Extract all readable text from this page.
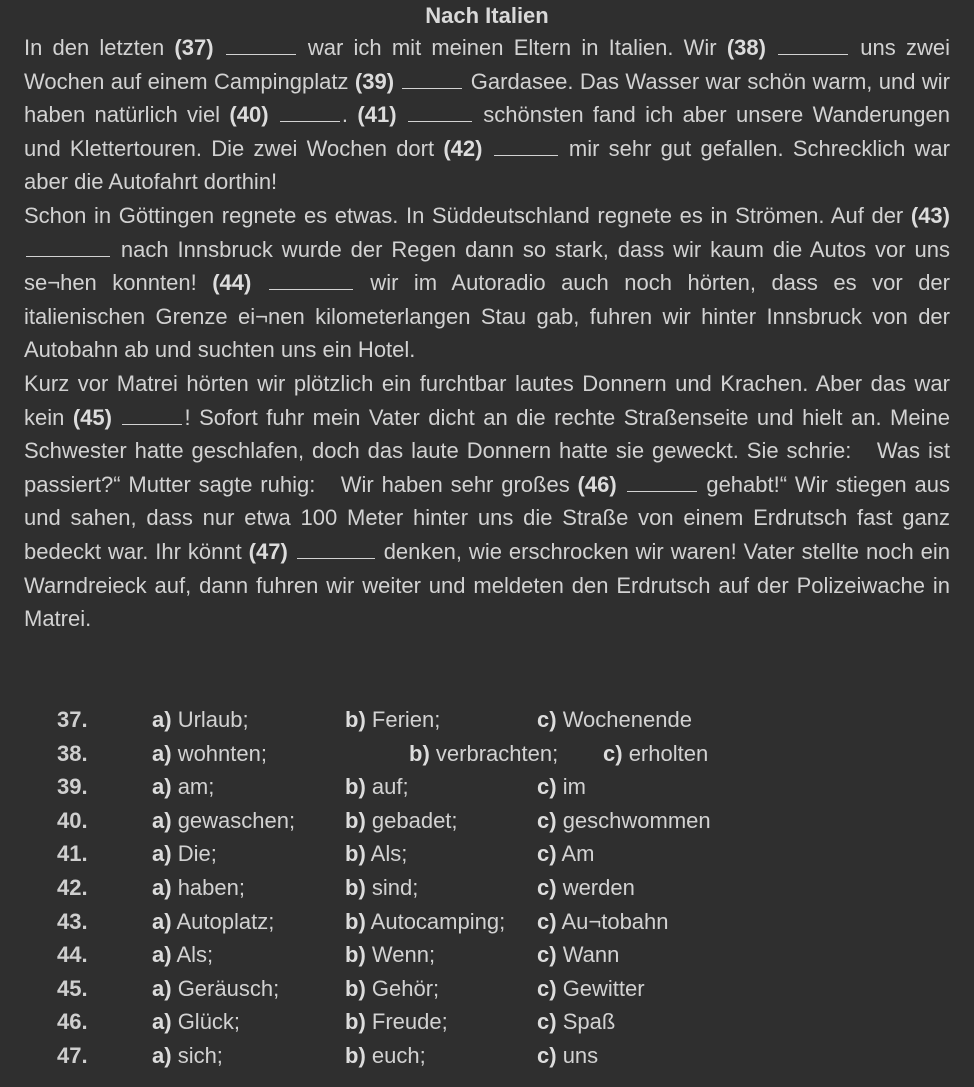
Nach Italien

In den letzten (37)	war ich mit meinen Eltern in Italien. Wir (38)	uns zwei Wochen auf einem Campingplatz (39)	Gardasee. Das Wasser war schön warm, und wir haben natürlich viel (40)	. (41)	schönsten fand ich aber unsere Wanderungen und Klettertouren. Die zwei Wochen dort (42)	mir sehr gut gefallen. Schrecklich war aber die Autofahrt dorthin!

Schon in Göttingen regnete es etwas. In Süddeutschland regnete es in Strömen. Auf der (43)  nach Innsbruck wurde der Regen dann so stark, dass wir kaum die Autos vor uns se¬hen konnten! (44)	wir im Autoradio auch noch hörten, dass es vor der italienischen Grenze ei¬nen kilometerlangen Stau gab, fuhren wir hinter Innsbruck von der Autobahn ab und suchten uns ein Hotel.

Kurz vor Matrei hörten wir plötzlich ein furchtbar lautes Donnern und Krachen. Aber das war kein (45)	! Sofort fuhr mein Vater dicht an die rechte Straßenseite und hielt an. Meine Schwester hatte geschlafen, doch das laute Donnern hatte sie geweckt. Sie schrie: Was ist passiert?“ Mutter sagte ruhig: Wir haben sehr großes (46)	gehabt!“ Wir stiegen aus und sahen, dass nur etwa 100 Meter hinter uns die Straße von einem Erdrutsch fast ganz bedeckt war. Ihr könnt (47)	denken, wie erschrocken wir waren! Vater stellte noch ein Warndreieck auf, dann fuhren wir weiter und meldeten den Erdrutsch auf der Polizeiwache in Matrei.

37.	a) Urlaub;	b) Ferien;	c) Wochenende
38.	a) wohnten;	b) verbrachten; c) erholten
39.	a) am;	b) auf;	c) im
40.	a) gewaschen; b) gebadet;	c) geschwommen
41.	a) Die;	b) Als;	c) Am
42.	a) haben;	b) sind;	c) werden
43.	a) Autoplatz;	b) Autocamping; c) Au¬tobahn
44.	a) Als;	b) Wenn;	c) Wann
45.	a) Geräusch;	b) Gehör;	c) Gewitter
46.	a) Glück;	b) Freude;	c) Spaß
47.	a) sich;	b) euch;	c) uns
